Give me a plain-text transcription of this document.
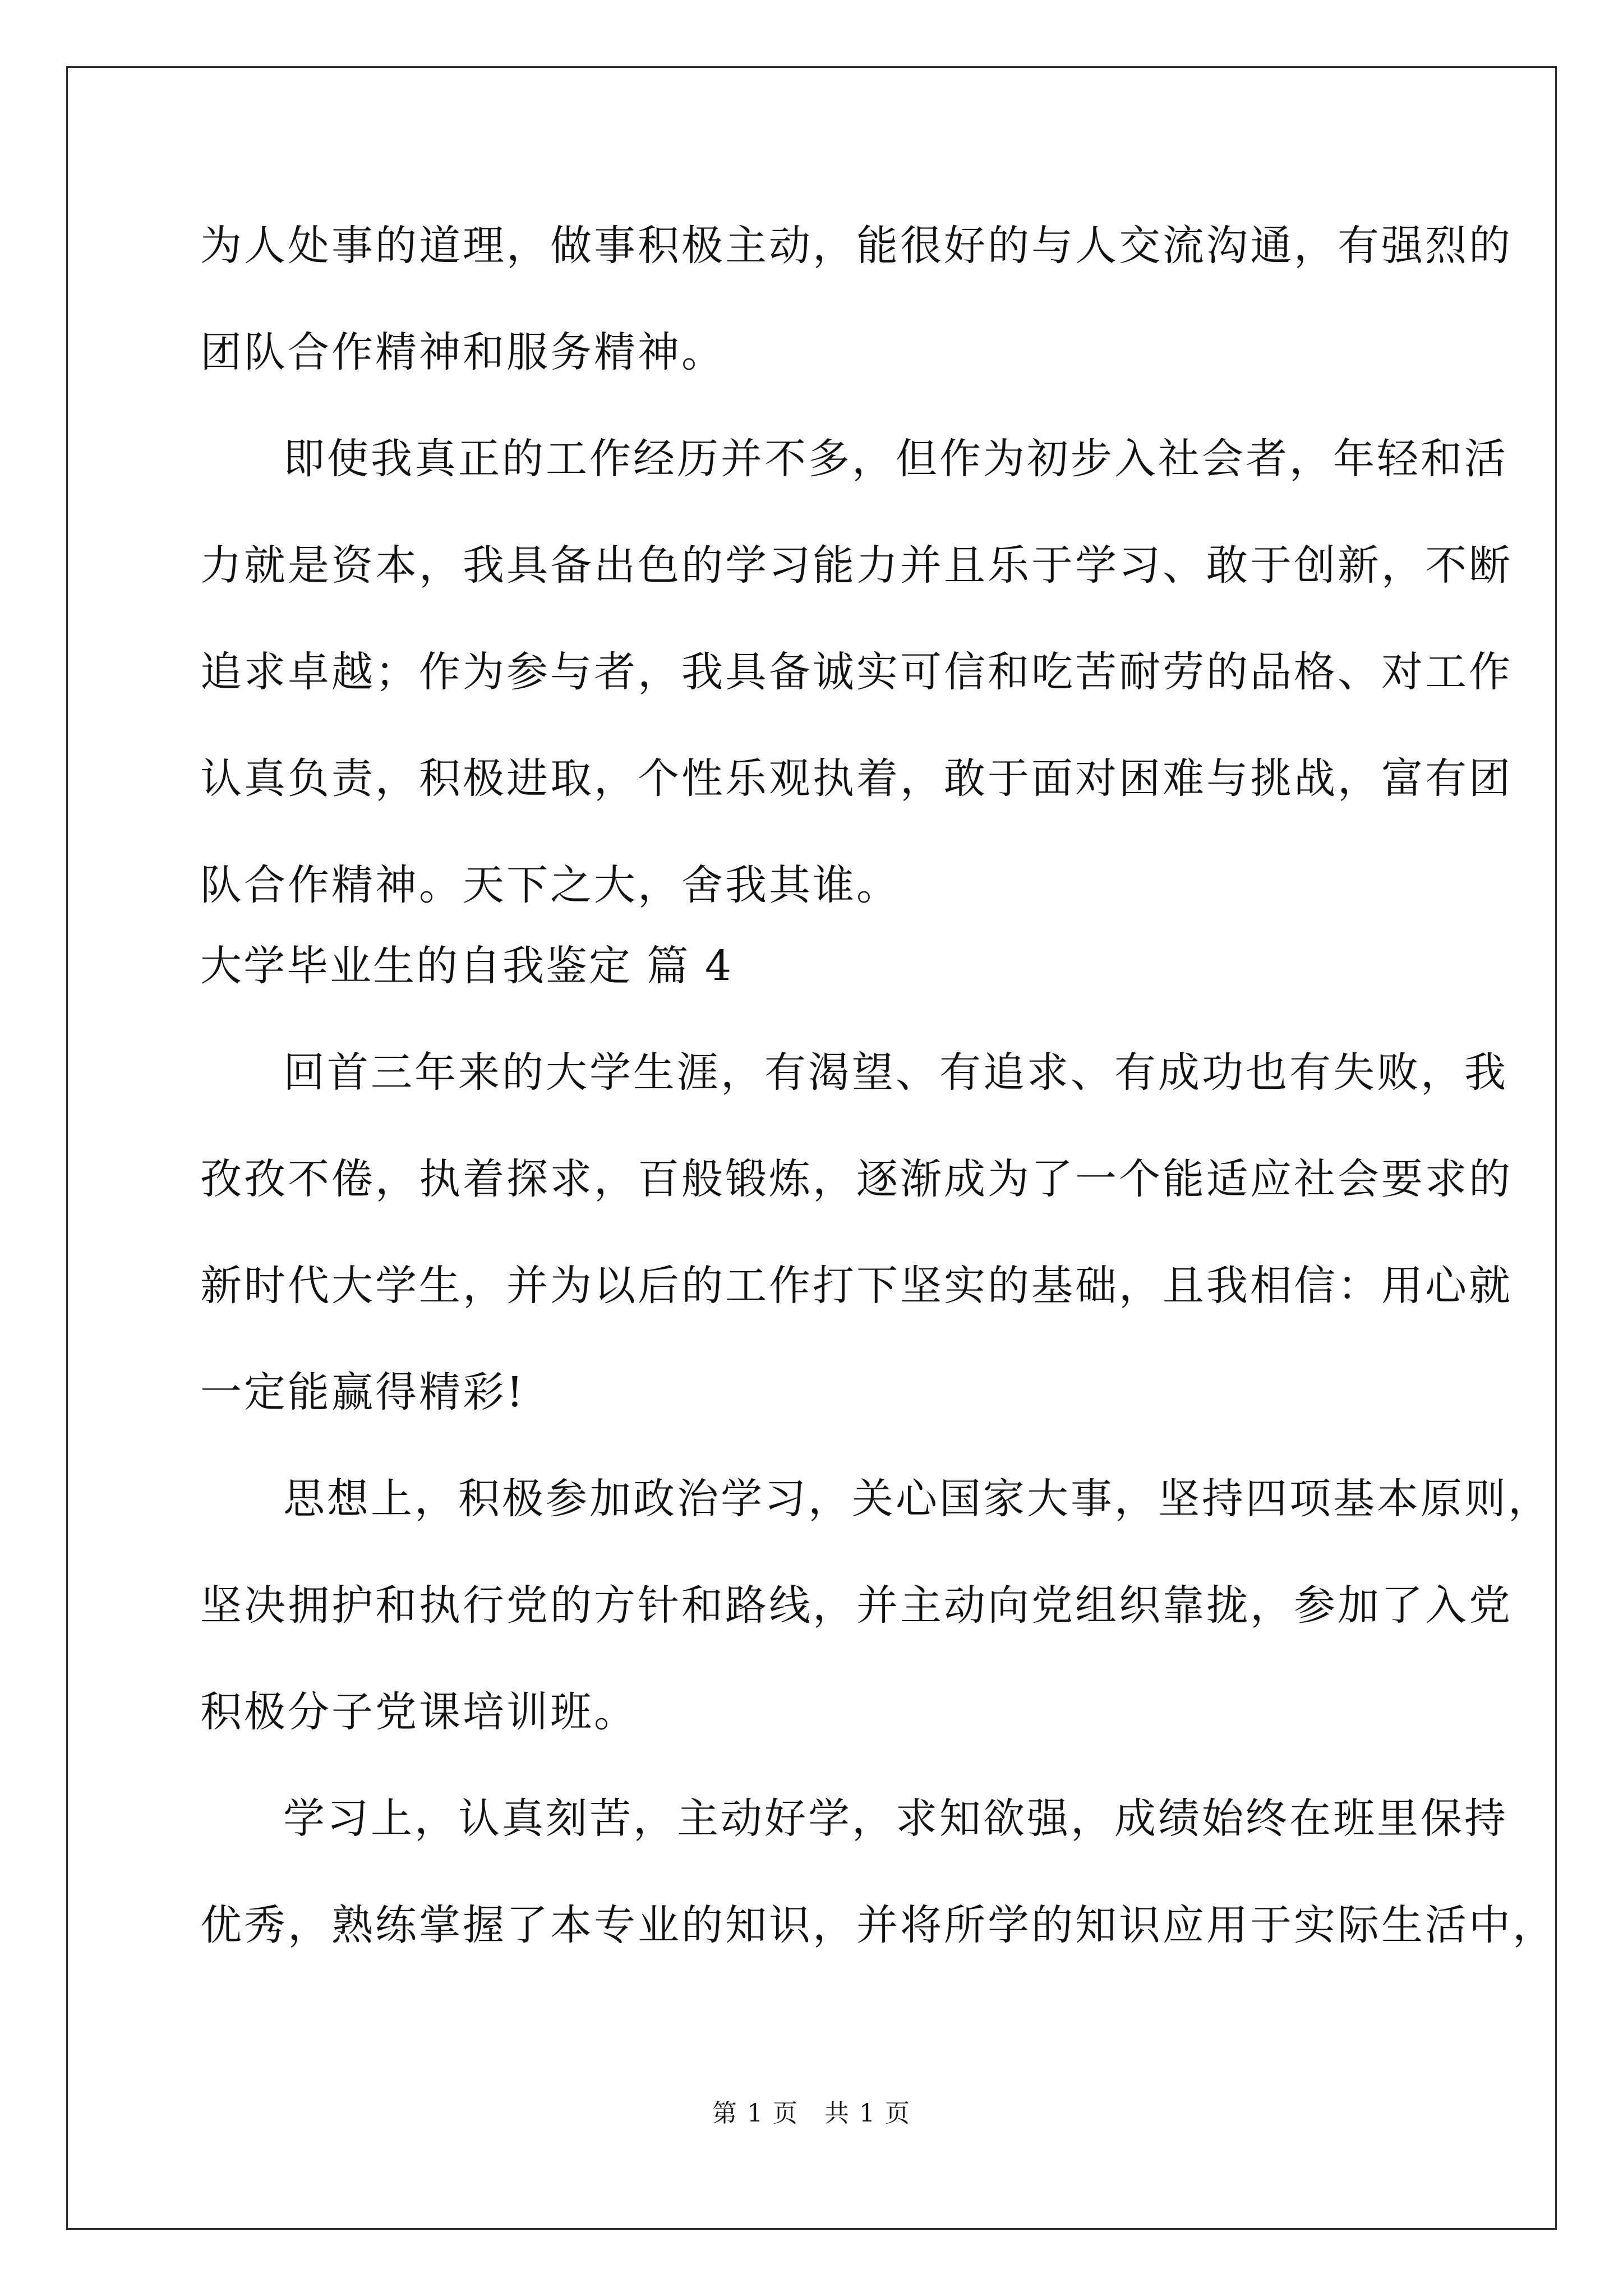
为人处事的道理，做事积极主动，能很好的与人交流沟通，有强烈的
团队合作精神和服务精神。
即使我真正的工作经历并不多，但作为初步入社会者，年轻和活
力就是资本，我具备出色的学习能力并且乐于学习、敢于创新，不断
追求卓越；作为参与者，我具备诚实可信和吃苦耐劳的品格、对工作
认真负责，积极进取，个性乐观执着，敢于面对困难与挑战，富有团
队合作精神。天下之大，舍我其谁。
大学毕业生的自我鉴定 篇 4
回首三年来的大学生涯，有渴望、有追求、有成功也有失败，我
孜孜不倦，执着探求，百般锻炼，逐渐成为了一个能适应社会要求的
新时代大学生，并为以后的工作打下坚实的基础，且我相信：用心就
一定能赢得精彩!
思想上，积极参加政治学习，关心国家大事，坚持四项基本原则，
坚决拥护和执行党的方针和路线，并主动向党组织靠拢，参加了入党
积极分子党课培训班。
学习上，认真刻苦，主动好学，求知欲强，成绩始终在班里保持
优秀，熟练掌握了本专业的知识，并将所学的知识应用于实际生活中，
第 1 页　共 1 页
